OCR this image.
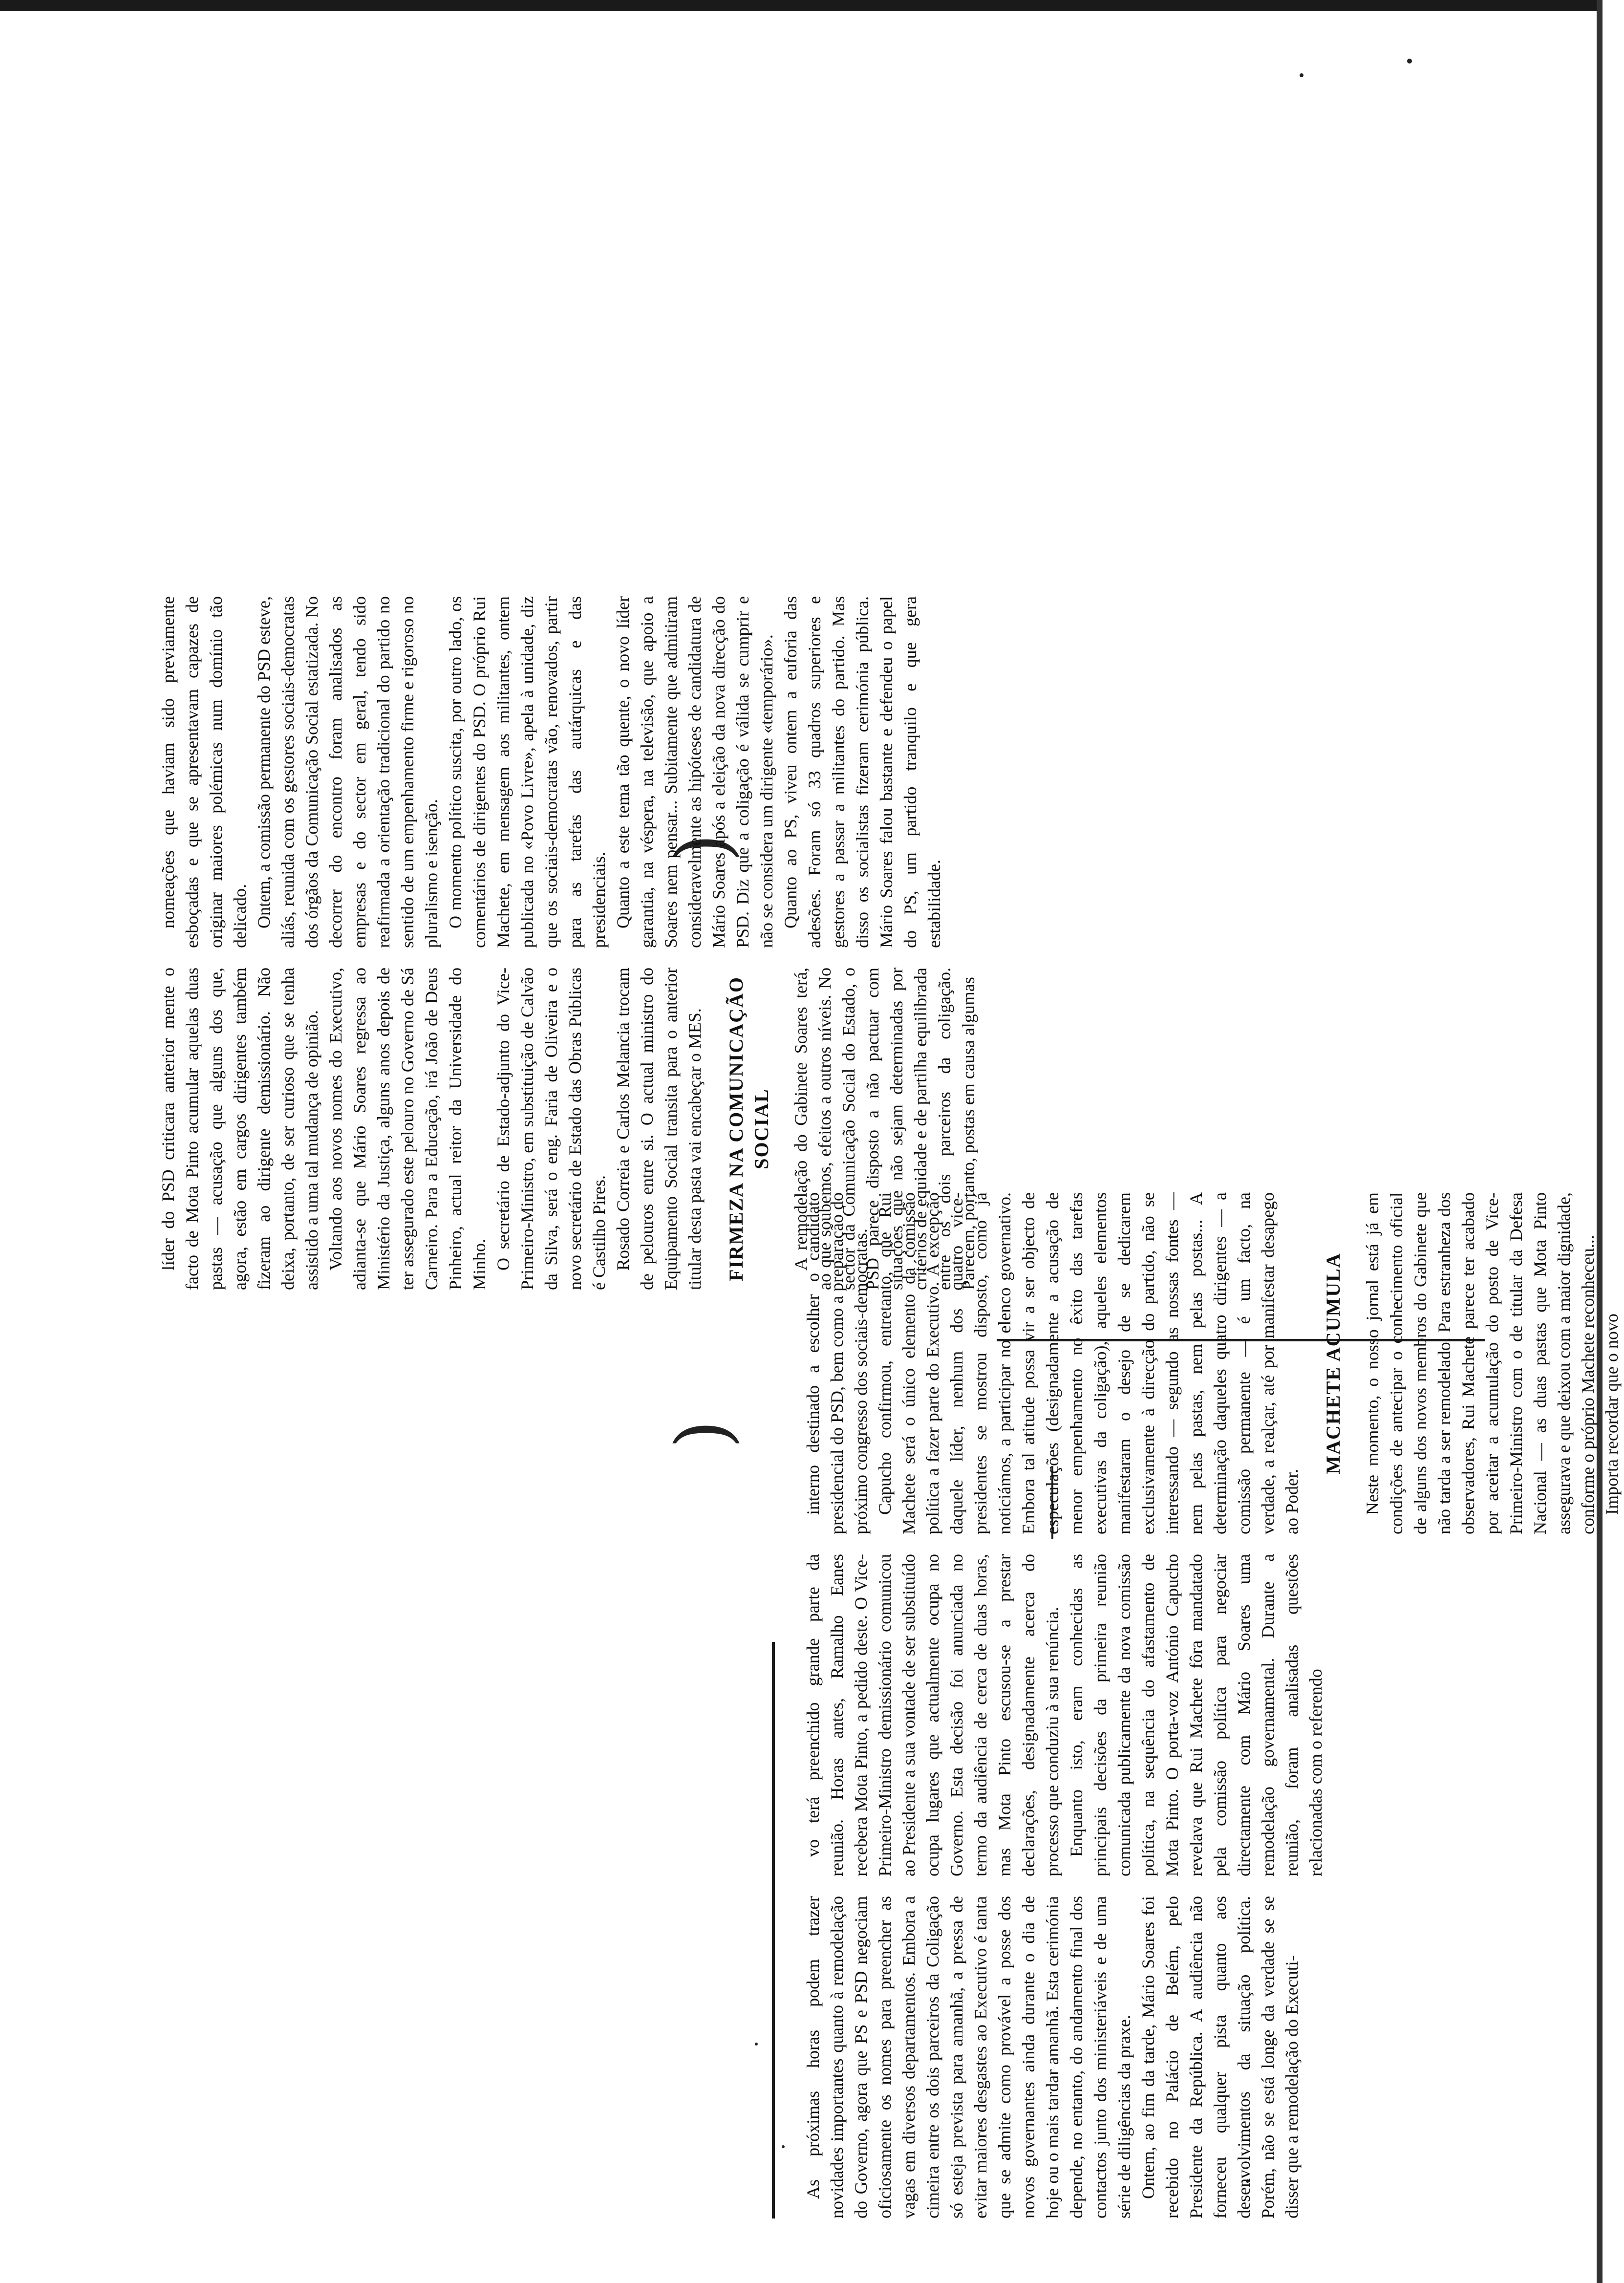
)
)

líder do PSD criticara anterior mente o facto de Mota Pinto acumular aquelas duas pastas — acusação que alguns dos que, agora, estão em cargos dirigentes também fizeram ao dirigente demissionário. Não deixa, portanto, de ser curioso que se tenha assistido a uma tal mudança de opinião. Voltando aos novos nomes do Executivo, adianta-se que Mário Soares regressa ao Ministério da Justiça, alguns anos depois de ter assegurado este pelouro no Governo de Sá Carneiro. Para a Educação, irá João de Deus Pinheiro, actual reitor da Universidade do Minho. O secretário de Estado-adjunto do Vice-Primeiro-Ministro, em substituição de Calvão da Silva, será o eng. Faria de Oliveira e o novo secretário de Estado das Obras Públicas é Castilho Pires. Rosado Correia e Carlos Melancia trocam de pelouros entre si. O actual ministro do Equipamento Social transita para o anterior titular desta pasta vai encabeçar o MES. FIRMEZA NA COMUNICAÇÃO SOCIAL A remodelação do Gabinete Soares terá, ao que soubemos, efeitos a outros níveis. No sector da Comunicação Social do Estado, o PSD parece disposto a não pactuar com situações que não sejam determinadas por critérios de equidade e de partilha equilibrada entre os dois parceiros da coligação. Parecem, portanto, postas em causa algumas

nomeações que haviam sido previamente esboçadas e que se apresentavam capazes de originar maiores polémicas num domínio tão delicado. Ontem, a comissão permanente do PSD esteve, aliás, reunida com os gestores sociais-democratas dos órgãos da Comunicação Social estatizada. No decorrer do encontro foram analisados as empresas e do sector em geral, tendo sido reafirmada a orientação tradicional do partido no sentido de um empenhamento firme e rigoroso no pluralismo e isenção. O momento político suscita, por outro lado, os comentários de dirigentes do PSD. O próprio Rui Machete, em mensagem aos militantes, ontem publicada no «Povo Livre», apela à unidade, diz que os sociais-democratas vão, renovados, partir para as tarefas das autárquicas e das presidenciais. Quanto a este tema tão quente, o novo líder garantia, na véspera, na televisão, que apoio a Soares nem pensar... Subitamente que admitiram consideravelmente as hipóteses de candidatura de Mário Soares após a eleição da nova direcção do PSD. Diz que a coligação é válida se cumprir e não se considera um dirigente «temporário». Quanto ao PS, viveu ontem a euforia das adesões. Foram só 33 quadros superiores e gestores a passar a militantes do partido. Mas disso os socialistas fizeram cerimónia pública. Mário Soares falou bastante e defendeu o papel do PS, um partido tranquilo e que gera estabilidade.

As próximas horas podem trazer novidades importantes quanto à remodelação do Governo, agora que PS e PSD negociam oficiosamente os nomes para preencher as vagas em diversos departamentos. Embora a cimeira entre os dois parceiros da Coligação só esteja prevista para amanhã, a pressa de evitar maiores desgastes ao Executivo é tanta que se admite como provável a posse dos novos governantes ainda durante o dia de hoje ou o mais tardar amanhã. Esta cerimónia depende, no entanto, do andamento final dos contactos junto dos ministeriáveis e de uma série de diligências da praxe. Ontem, ao fim da tarde, Mário Soares foi recebido no Palácio de Belém, pelo Presidente da República. A audiência não forneceu qualquer pista quanto aos desenvolvimentos da situação política. Porém, não se está longe da verdade se se disser que a remodelação do Executi-

vo terá preenchido grande parte da reunião. Horas antes, Ramalho Eanes recebera Mota Pinto, a pedido deste. O Vice-Primeiro-Ministro demissionário comunicou ao Presidente a sua vontade de ser substituído ocupa lugares que actualmente ocupa no Governo. Esta decisão foi anunciada no termo da audiência de cerca de duas horas, mas Mota Pinto escusou-se a prestar declarações, designadamente acerca do processo que conduziu à sua renúncia. Enquanto isto, eram conhecidas as principais decisões da primeira reunião comunicada publicamente da nova comissão política, na sequência do afastamento de Mota Pinto. O porta-voz António Capucho revelava que Rui Machete fôra mandatado pela comissão política para negociar directamente com Mário Soares uma remodelação governamental. Durante a reunião, foram analisadas questões relacionadas com o referendo

interno destinado a escolher o candidato presidencial do PSD, bem como a preparação do próximo congresso dos sociais-democratas. Capucho confirmou, entretanto, que Rui Machete será o único elemento da comissão política a fazer parte do Executivo. À excepção daquele líder, nenhum dos quatro vice-presidentes se mostrou disposto, como já noticiámos, a participar no elenco governativo. Embora tal atitude possa vir a ser objecto de especulações (designadamente a acusação de menor empenhamento no êxito das tarefas executivas da coligação), aqueles elementos manifestaram o desejo de se dedicarem exclusivamente à direcção do partido, não se interessando — segundo as nossas fontes — nem pelas pastas, nem pelas postas... A determinação daqueles quatro dirigentes — a comissão permanente — é um facto, na verdade, a realçar, até por manifestar desapego ao Poder.

MACHETE ACUMULA Neste momento, o nosso jornal está já em condições de antecipar o conhecimento oficial de alguns dos novos membros do Gabinete que não tarda a ser remodelado. Para estranheza dos observadores, Rui Machete parece ter acabado por aceitar a acumulação do posto de Vice-Primeiro-Ministro com o de titular da Defesa Nacional — as duas pastas que Mota Pinto assegurava e que deixou com a maior dignidade, conforme o próprio Machete reconheceu... Importa recordar que o novo
